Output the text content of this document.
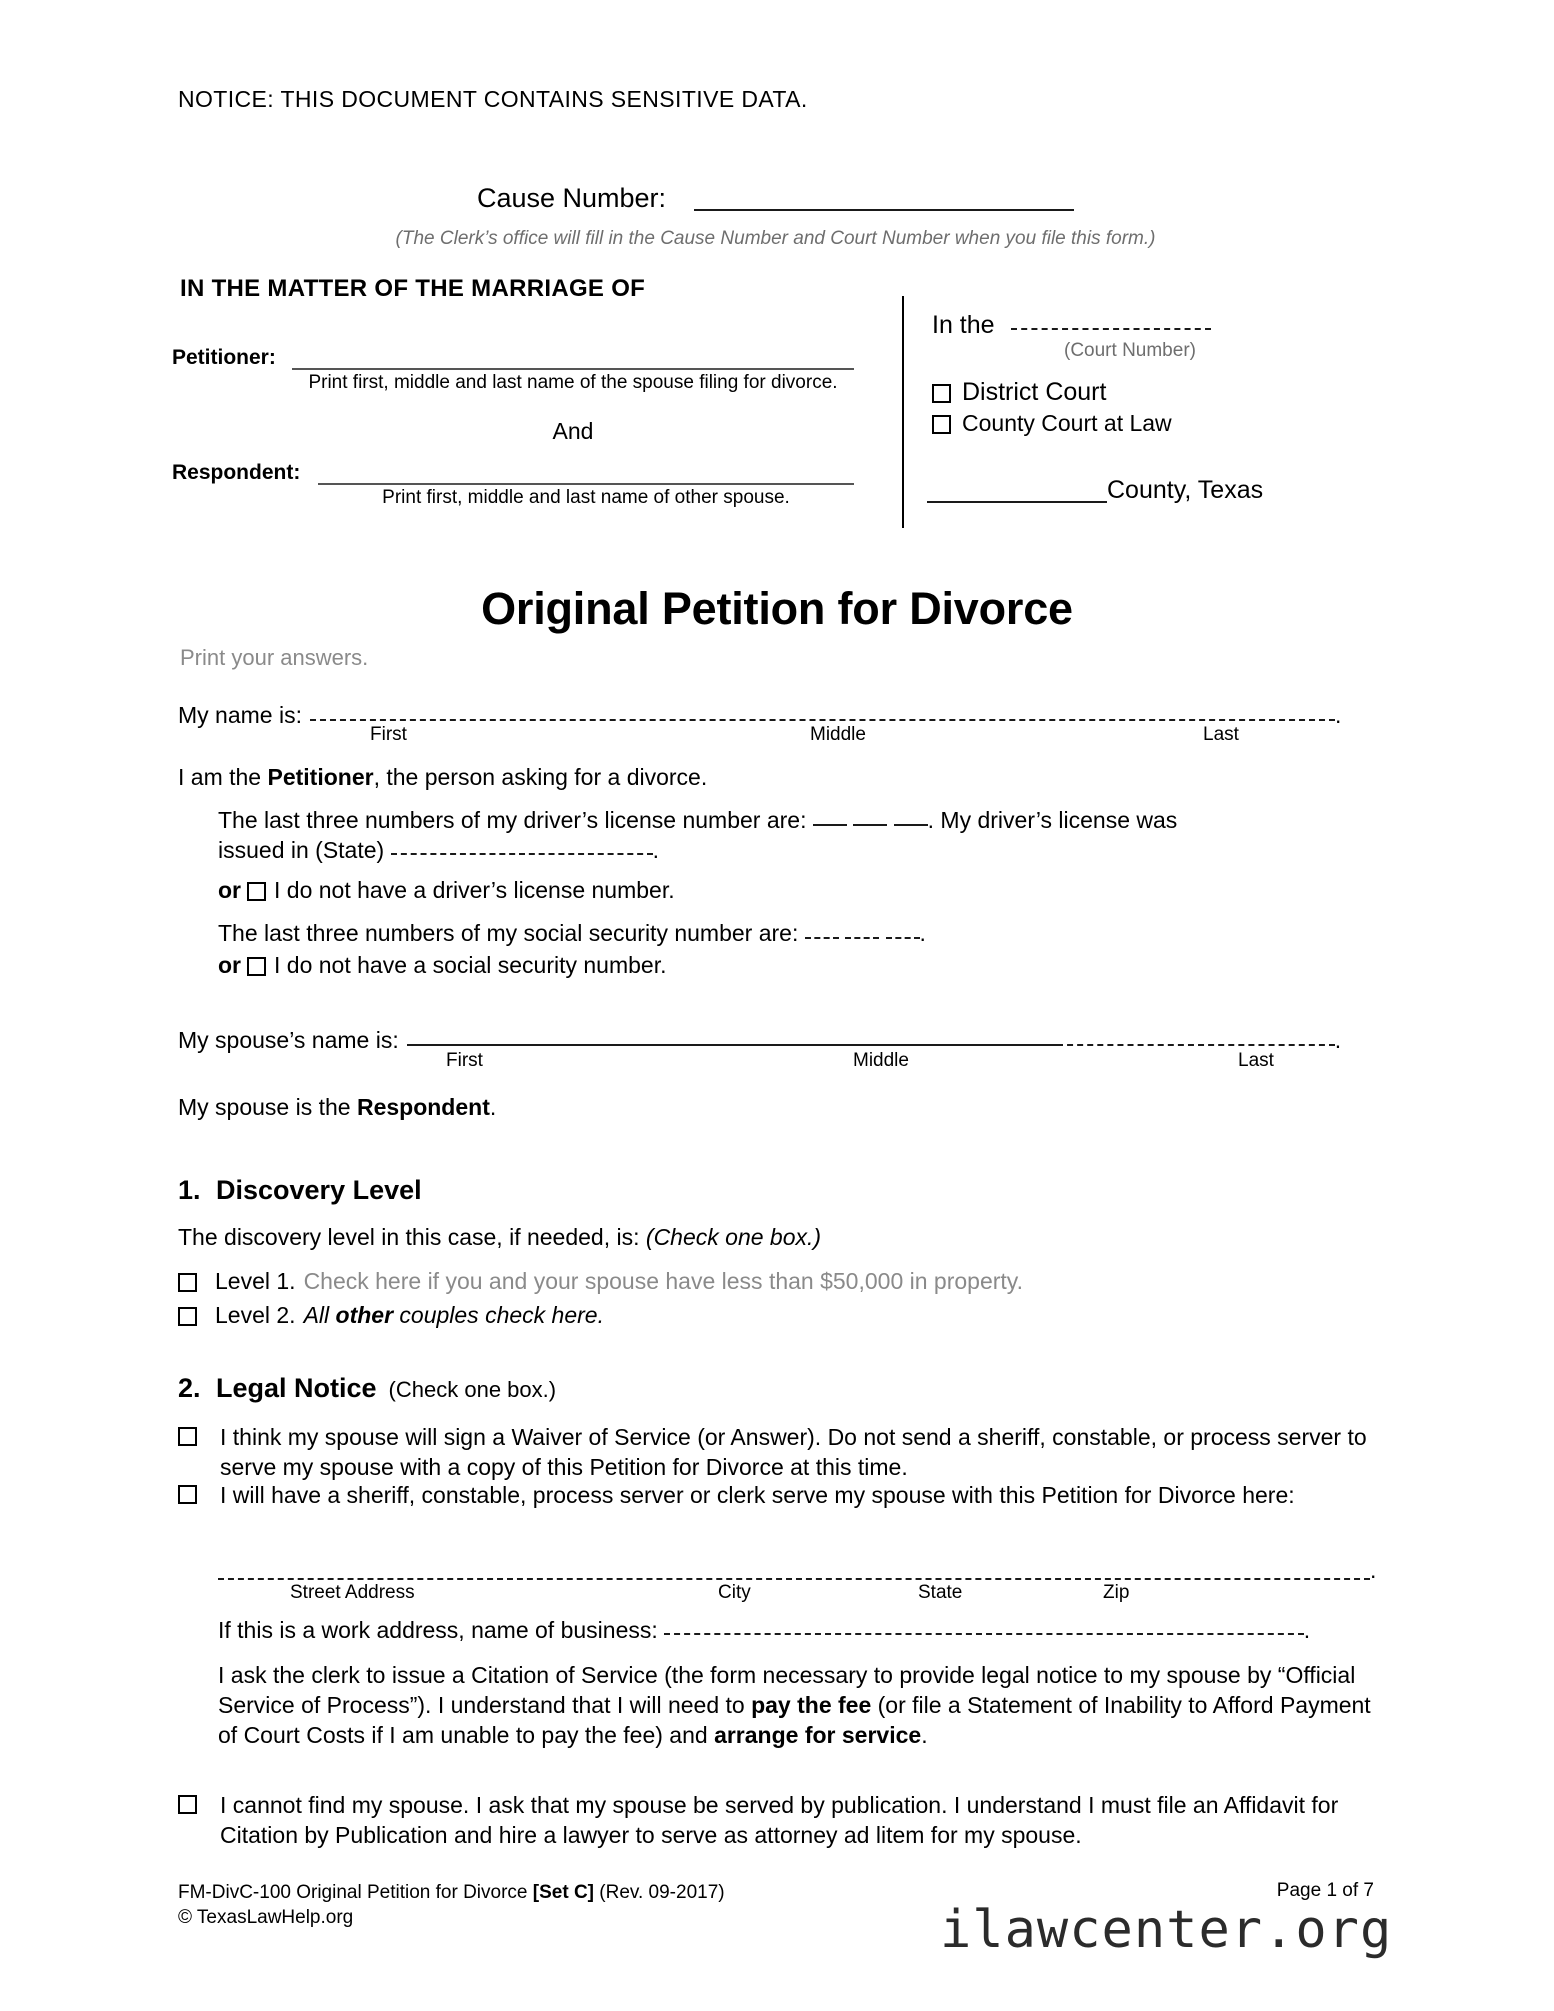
NOTICE: THIS DOCUMENT CONTAINS SENSITIVE DATA.
Cause Number:
(The Clerk’s office will fill in the Cause Number and Court Number when you file this form.)
IN THE MATTER OF THE MARRIAGE OF
Petitioner:
Print first, middle and last name of the spouse filing for divorce.
And
Respondent:
Print first, middle and last name of other spouse.
In the
(Court Number)
District Court
County Court at Law
County, Texas
Original Petition for Divorce
Print your answers.
My name is:	.
First	Middle	Last
I am the Petitioner, the person asking for a divorce.
The last three numbers of my driver’s license number are:	. My driver’s license was
issued in (State)	.
or I do not have a driver’s license number.
The last three numbers of my social security number are:	.
or I do not have a social security number.
My spouse’s name is:	.
First	Middle	Last
My spouse is the Respondent.
1. Discovery Level
The discovery level in this case, if needed, is: (Check one box.)
Level 1. Check here if you and your spouse have less than $50,000 in property.
Level 2. All other couples check here.
2. Legal Notice (Check one box.)
I think my spouse will sign a Waiver of Service (or Answer). Do not send a sheriff, constable, or process server to serve my spouse with a copy of this Petition for Divorce at this time.
I will have a sheriff, constable, process server or clerk serve my spouse with this Petition for Divorce here:
.
Street Address	City	State	Zip
If this is a work address, name of business:	.
I ask the clerk to issue a Citation of Service (the form necessary to provide legal notice to my spouse by “Official Service of Process”). I understand that I will need to pay the fee (or file a Statement of Inability to Afford Payment of Court Costs if I am unable to pay the fee) and arrange for service.
I cannot find my spouse. I ask that my spouse be served by publication. I understand I must file an Affidavit for Citation by Publication and hire a lawyer to serve as attorney ad litem for my spouse.
FM-DivC-100 Original Petition for Divorce [Set C] (Rev. 09-2017)
© TexasLawHelp.org
Page 1 of 7
ilawcenter.org
